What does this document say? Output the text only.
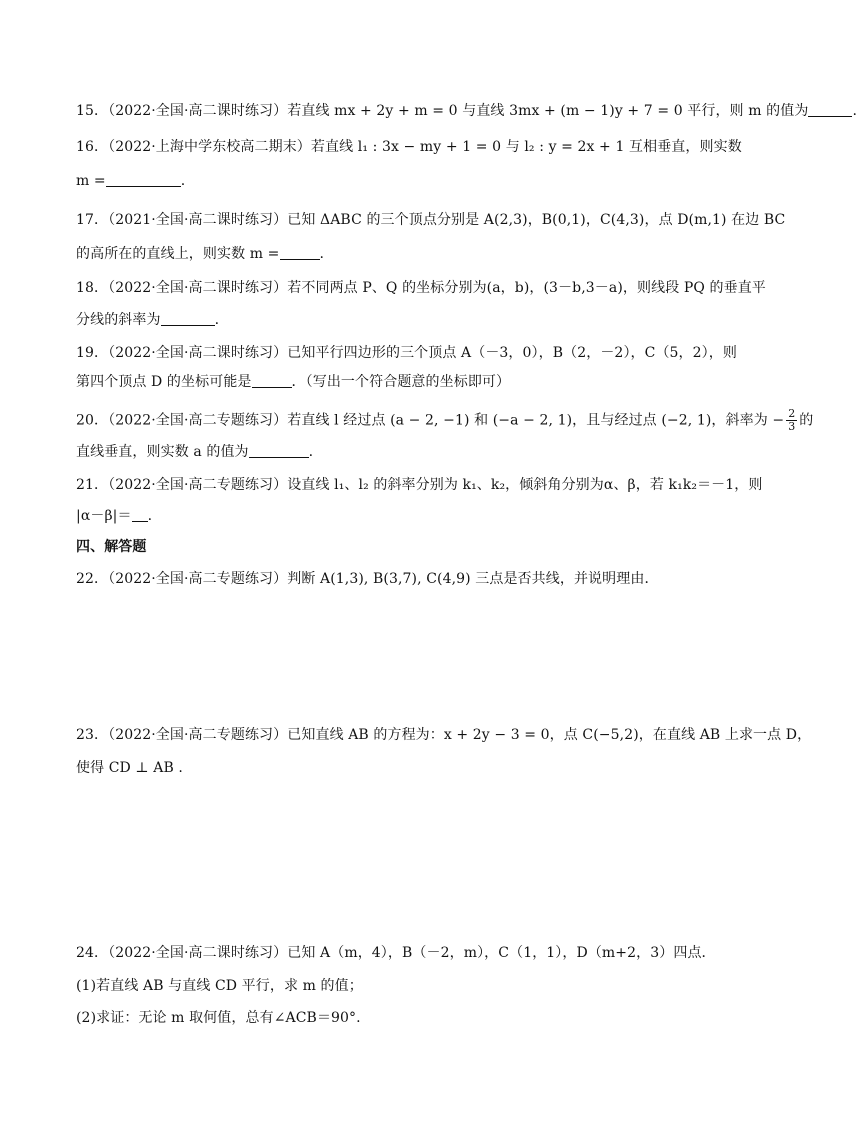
15．（2022·全国·高二课时练习）若直线 mx + 2y + m = 0 与直线 3mx + (m − 1)y + 7 = 0 平行，则 m 的值为	.
16．（2022·上海中学东校高二期末）若直线 l₁ : 3x − my + 1 = 0 与 l₂ : y = 2x + 1 互相垂直，则实数
m =	.
17．（2021·全国·高二课时练习）已知 ΔABC 的三个顶点分别是 A(2,3)，B(0,1)，C(4,3)，点 D(m,1) 在边 BC
的高所在的直线上，则实数 m =	.
18．（2022·全国·高二课时练习）若不同两点 P、Q 的坐标分别为(a，b)，(3－b,3－a)，则线段 PQ 的垂直平
分线的斜率为	.
19．（2022·全国·高二课时练习）已知平行四边形的三个顶点 A（－3，0），B（2，－2），C（5，2），则
第四个顶点 D 的坐标可能是	．（写出一个符合题意的坐标即可）
20．（2022·全国·高二专题练习）若直线 l 经过点 (a − 2, −1) 和 (−a − 2, 1)，且与经过点 (−2, 1)，斜率为 − $\frac{2}{3}$ 的
直线垂直，则实数 a 的值为	.
21．（2022·全国·高二专题练习）设直线 l₁、l₂ 的斜率分别为 k₁、k₂，倾斜角分别为α、β，若 k₁k₂＝－1，则
|α－β|＝ .
四、解答题
22．（2022·全国·高二专题练习）判断 A(1,3), B(3,7), C(4,9) 三点是否共线，并说明理由．
23．（2022·全国·高二专题练习）已知直线 AB 的方程为：x + 2y − 3 = 0，点 C(−5,2)，在直线 AB 上求一点 D，
使得 CD ⊥ AB .
24．（2022·全国·高二课时练习）已知 A（m，4），B（－2，m），C（1，1），D（m+2，3）四点．
(1)若直线 AB 与直线 CD 平行，求 m 的值；
(2)求证：无论 m 取何值，总有∠ACB＝90°.
